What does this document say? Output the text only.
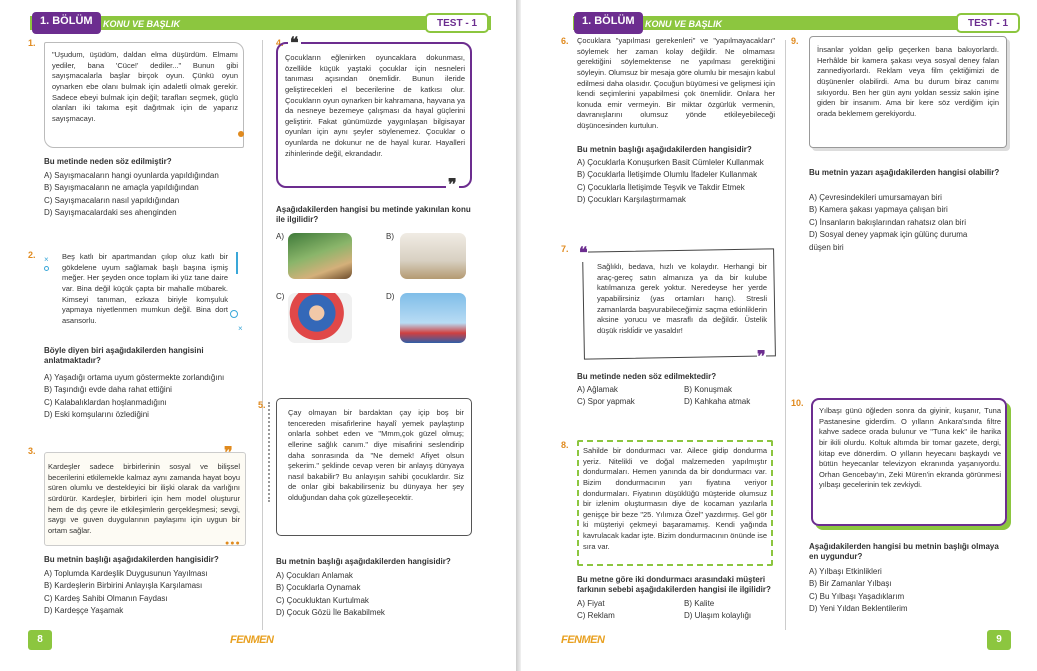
1. BÖLÜM	KONU VE BAŞLIK	TEST - 1
1.
"Uşudum, üşüdüm, daldan elma düşürdüm. Elmamı yediler, bana 'Cüce!' dediler..." Bunun gibi sayışmacalarla başlar birçok oyun. Çünkü oyun oynarken ebe olanı bulmak için adaletli olmak gerekir. Sadece ebeyi bulmak için değil; tarafları seçmek, güçlü olanları iki takıma eşit dağıtmak için de yaparız sayışmacayı.
Bu metinde neden söz edilmiştir?
A) Sayışmacaların hangi oyunlarda yapıldığından
B) Sayışmacaların ne amaçla yapıldığından
C) Sayışmacaların nasıl yapıldığından
D) Sayışmacalardaki ses ahenginden
2. ×
×
Beş katlı bir apartmandan çıkıp oluz katlı bir gökdelene uyum sağlamak başlı başına işmiş meğer. Her şeyden once toplam iki yüz tane daire var. Bina değil küçük çapta bir mahalle mübarek. Kimseyi tanıman, ezkaza biriyle komşuluk yapmaya niyetlenmen mumkun değil. Bina dort asansorlu.
Böyle diyen biri aşağıdakilerden hangisini anlatmaktadır?
A) Yaşadığı ortama uyum göstermekte zorlandığını
B) Taşındığı evde daha rahat ettiğini
C) Kalabalıklardan hoşlanmadığını
D) Eski komşularını özlediğini
3.	❞
●●●
Kardeşler sadece birbirlerinin sosyal ve bilişsel becerilerini etkilemekle kalmaz aynı zamanda hayat boyu süren olumlu ve destekleyici bir ilişki olarak da varlığını sürdürür. Kardeşler, birbirleri için hem model oluşturur hem de dış çevre ile etkileşimlerin gerçekleşmesi; sevgi, saygı ve guven duygularının paylaşımı için uygun bir ortam sağlar.
Bu metnin başlığı aşağıdakilerden hangisidir?
A) Toplumda Kardeşlik Duygusunun Yayılması
B) Kardeşlerin Birbirini Anlayışla Karşılaması
C) Kardeş Sahibi Olmanın Faydası
D) Kardeşçe Yaşamak
4. ❝
❞
Çocukların eğlenirken oyuncaklara dokunması, özellikle küçük yaştaki çocuklar için nesneleri tanıması açısından önemlidir. Bunun ileride geliştirecekleri el becerilerine de katkısı olur. Çocukların oyun oynarken bir kahramana, hayvana ya da nesneye bezemeye çalışması da hayal güçlerini geliştirir. Fakat günümüzde yaygınlaşan bilgisayar oyunları için aynı şeyler söylenemez. Çocuklar o oyunlarda ne dokunur ne de hayal kurar. Hayalleri zihinlerinde değil, ekrandadır.
Aşağıdakilerden hangisi bu metinde yakınılan konu ile ilgilidir?
A)	B)
C)	D)
5.
Çay olmayan bir bardaktan çay içip boş bir tencereden misafirlerine hayalî yemek paylaştırıp onlarla sohbet eden ve "Mmm,çok güzel olmuş; ellerine sağlık canım." diye misafirini seslendirip daha sonrasında da "Ne demek! Afiyet olsun şekerim." şeklinde cevap veren bir anlayış dünyaya nasıl bakabilir? Bu anlayışın sahibi çocuklardır. Siz de onlar gibi bakabilirseniz bu dünyaya her şey olduğundan daha çok güzelleşecektir.
Bu metnin başlığı aşağıdakilerden hangisidir?
A) Çocukları Anlamak
B) Çocuklarla Oynamak
C) Çocukluktan Kurtulmak
D) Çocuk Gözü İle Bakabilmek
8	FENMEN
1. BÖLÜM	KONU VE BAŞLIK	TEST - 1
6. Çocuklara "yapılması gerekenleri" ve "yapılmayacakları" söylemek her zaman kolay değildir. Ne olmaması gerektiğini söylemektense ne yapılması gerektiğini söyleyin. Olumsuz bir mesaja göre olumlu bir mesajın kabul edilmesi daha olasıdır. Çocuğun büyümesi ve gelişmesi için kendi seçimlerini yapabilmesi çok önemlidir. Onlara her konuda emir vermeyin. Bir miktar özgürlük vermenin, davranışlarını olumsuz yönde etkileyebileceği düşüncesinden kurtulun.
Bu metnin başlığı aşağıdakilerden hangisidir?
A) Çocuklarla Konuşurken Basit Cümleler Kullanmak
B) Çocuklarla İletişimde Olumlu İfadeler Kullanmak
C) Çocuklarla İletişimde Teşvik ve Takdir Etmek
D) Çocukları Karşılaştırmamak
7. ❝
❞
Sağlıklı, bedava, hızlı ve kolaydır. Herhangi bir araç-gereç satın almanıza ya da bir kulube katılmanıza gerek yoktur. Neredeyse her yerde yapabilirsiniz (yas ortamları harıç). Stresli zamanlarda başvurabileceğimiz saçma etkinliklerin aksine yorucu ve masraflı da değildir. Üstelik düşük riskli̇dir ve yasaldır!
Bu metinde neden söz edilmektedir?
A) Ağlamak	B) Konuşmak
C) Spor yapmak	D) Kahkaha atmak
8.
Sahilde bir dondurmacı var. Ailece gidip dondurma yeriz. Nitelikli ve doğal malzemeden yapılmıştır dondurmaları. Hemen yanında da bir dondurmacı var. Bizim dondurmacının yarı fiyatına veriyor dondurmaları. Fiyatının düşüklüğü müşteride olumsuz bir izlenim oluşturmasın diye de kocaman yazılarla genişçe bir beze "25. Yılımıza Özel" yazdırmış. Gel gör ki müşteriyi çekmeyi başaramamış. Kendi yağında kavrulacak kadar işte. Bizim dondurmacının önünde ise sıra var.
Bu metne göre iki dondurmacı arasındaki müşteri farkının sebebi aşağıdakilerden hangisi ile ilgilidir?
A) Fiyat	B) Kalite
C) Reklam	D) Ulaşım kolaylığı
9.
İnsanlar yoldan gelip geçerken bana bakıyorlardı. Herhâlde bir kamera şakası veya sosyal deney falan zannediyorlardı. Reklam veya film çektiğimizi de düşünenler olabilirdi. Ama bu durum biraz canımı sıkıyordu. Ben her gün aynı yoldan sessiz sakin işine giden bir insanım. Ama bir kere söz verdiğim için orada beklemem gerekiyordu.
Bu metnin yazarı aşağıdakilerden hangisi olabilir?
A) Çevresindekileri umursamayan biri
B) Kamera şakası yapmaya çalışan biri
C) İnsanların bakışlarından rahatsız olan biri
D) Sosyal deney yapmak için gülünç duruma düşen biri
10.
Yılbaşı günü öğleden sonra da giyinir, kuşanır, Tuna Pastanesine giderdim. O yılların Ankara'sında filtre kahve sadece orada bulunur ve "Tuna kek" ile harika bir ikili olurdu. Koltuk altımda bir tomar gazete, dergi, kitap eve dönerdim. O yılların heyecanı başkaydı ve bütün heyecanlar televizyon ekranında yaşanıyordu. Orhan Gencebay'ın, Zeki Müren'in ekranda görünmesi yılbaşı gecelerinin tek zevkiydi.
Aşağıdakilerden hangisi bu metnin başlığı olmaya en uygundur?
A) Yılbaşı Etkinlikleri
B) Bir Zamanlar Yılbaşı
C) Bu Yılbaşı Yaşadıklarım
D) Yeni Yıldan Beklentilerim
FENMEN	9
